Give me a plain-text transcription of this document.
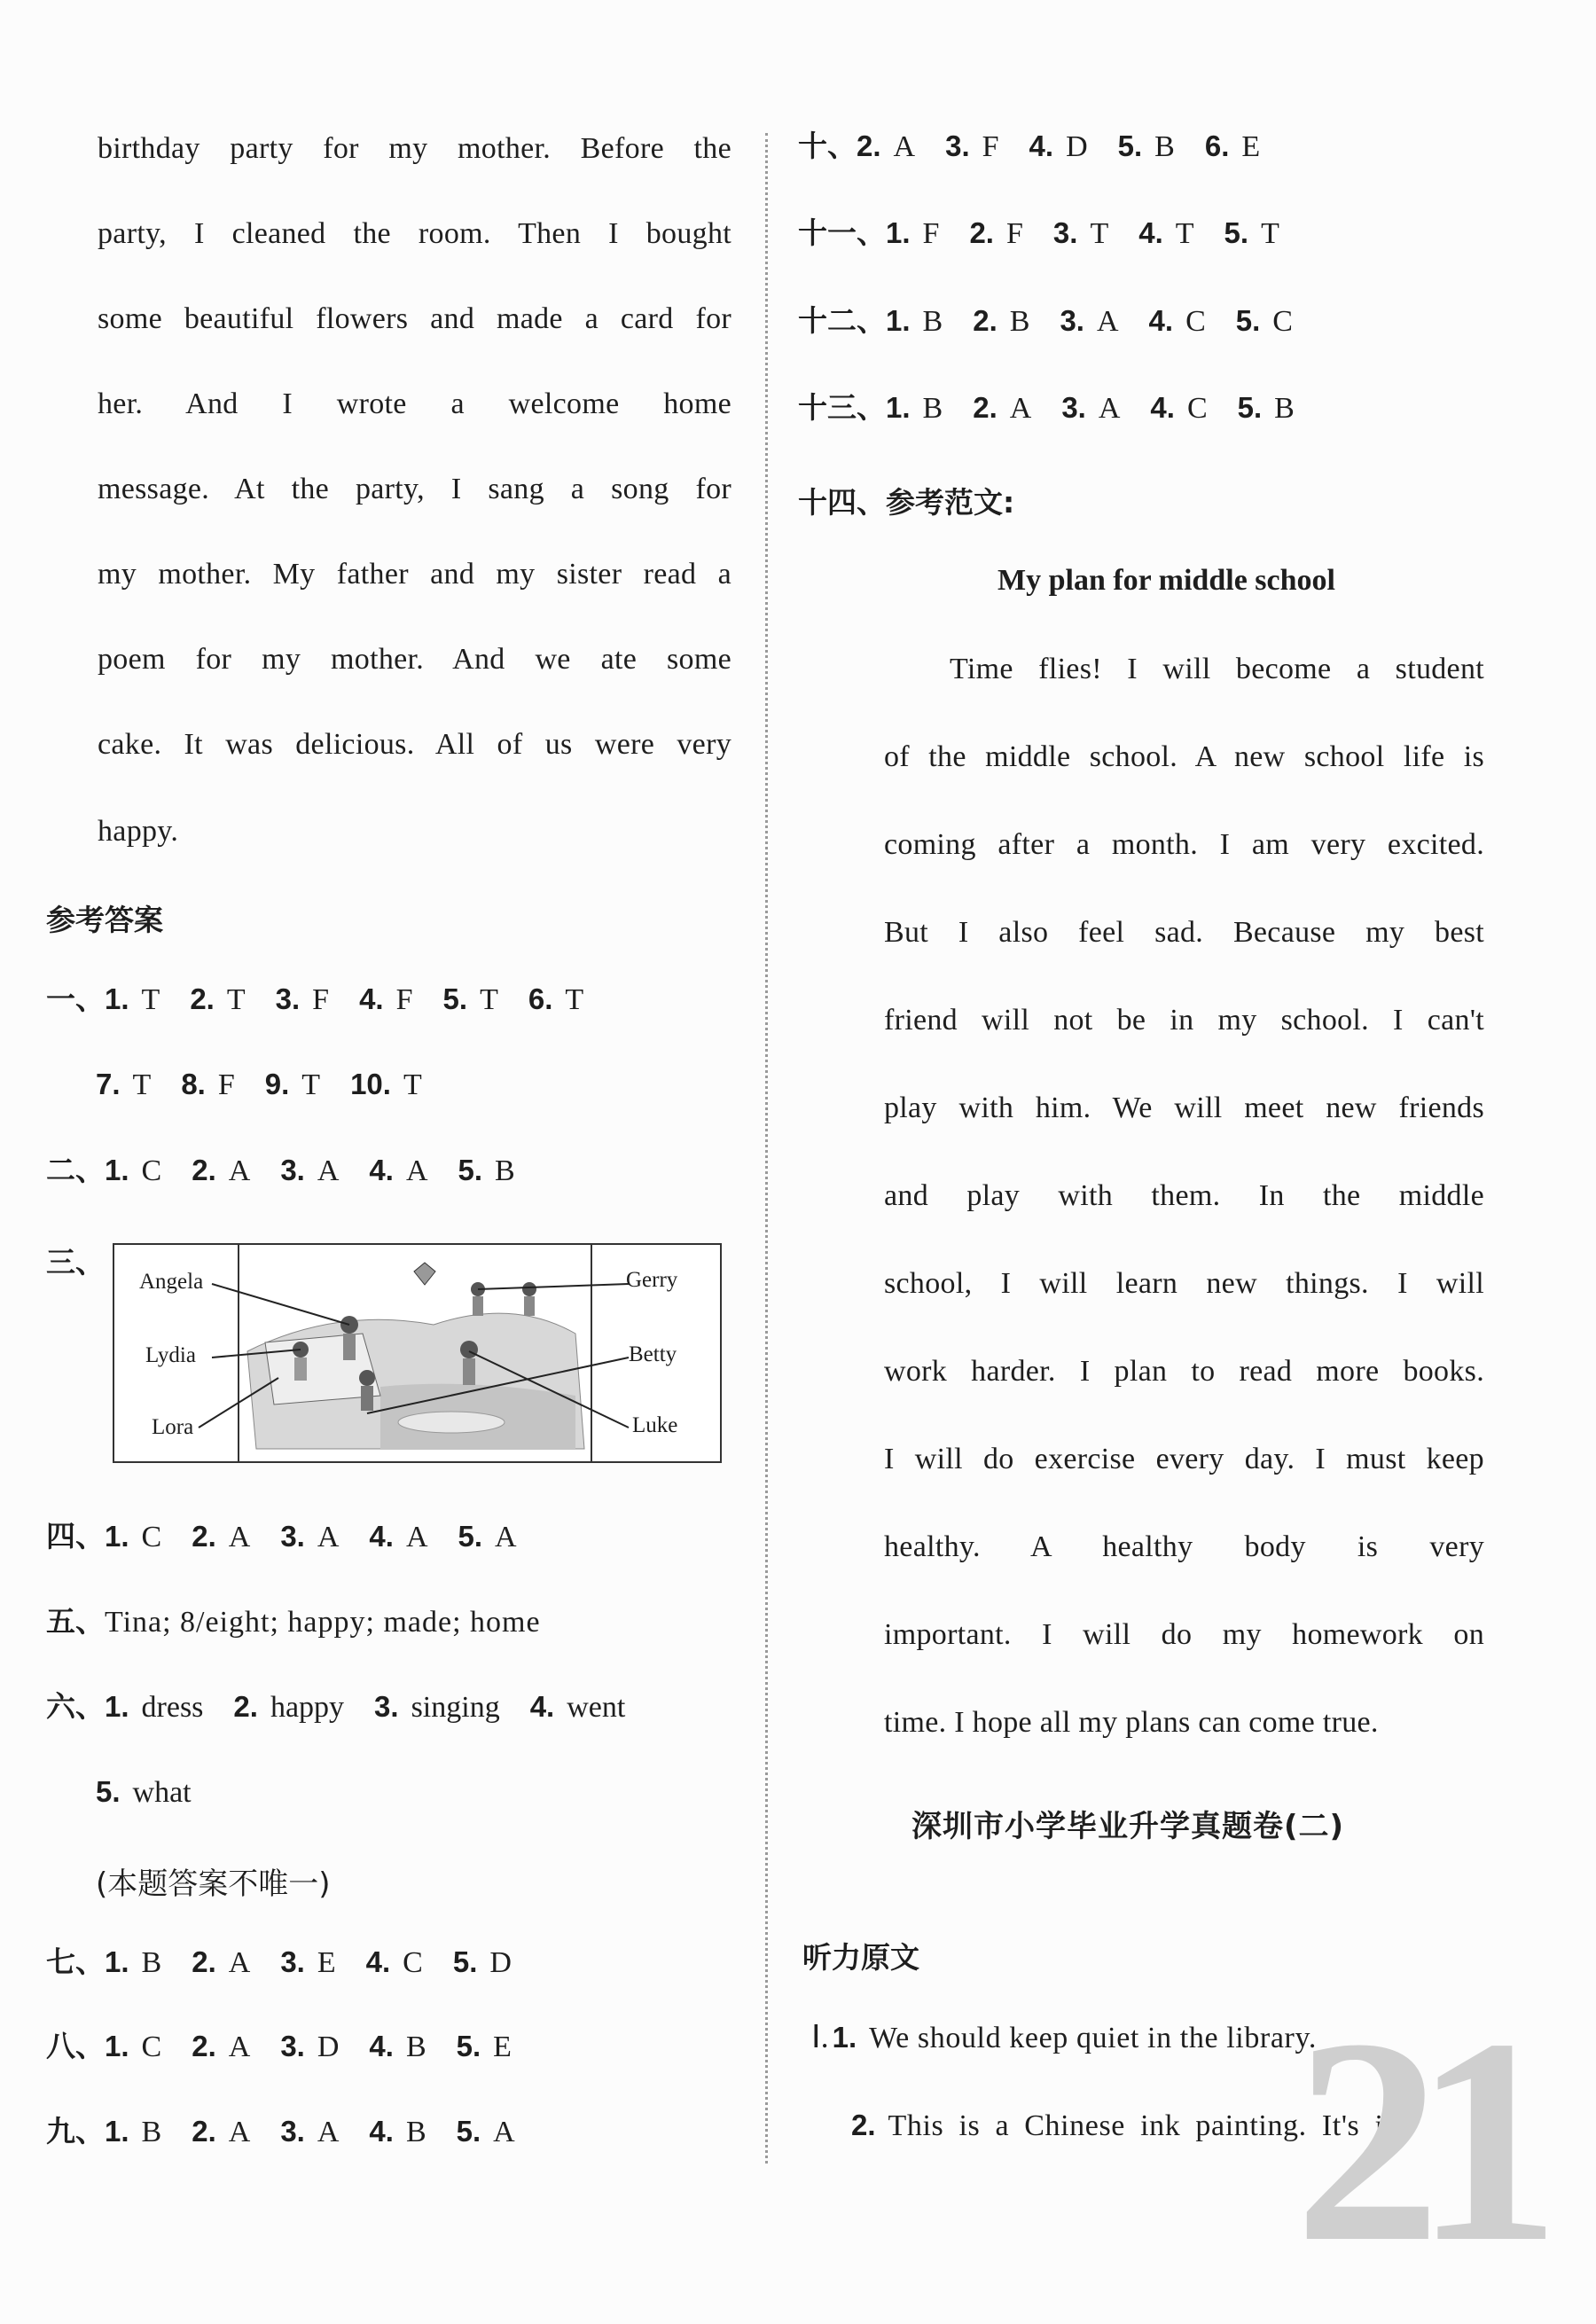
birthday party for my mother. Before the
party, I cleaned the room. Then I bought
some beautiful flowers and made a card for
her. And I wrote a welcome home
message. At the party, I sang a song for
my mother. My father and my sister read a
poem for my mother. And we ate some
cake. It was delicious. All of us were very
happy.
参考答案
一、1. T 2. T 3. F 4. F 5. T 6. T
7. T 8. F 9. T 10. T
二、1. C 2. A 3. A 4. A 5. B
四、1. C 2. A 3. A 4. A 5. A
六、1. dress 2. happy 3. singing 4. went
5. what
七、1. B 2. A 3. E 4. C 5. D
八、1. C 2. A 3. D 4. B 5. E
九、1. B 2. A 3. A 4. B 5. A
三、
Angela
Lydia
Lora
Gerry
Betty
Luke
五、Tina; 8/eight; happy; made; home
(本题答案不唯一)
十、2. A 3. F 4. D 5. B 6. E
十一、1. F 2. F 3. T 4. T 5. T
十二、1. B 2. B 3. A 4. C 5. C
十三、1. B 2. A 3. A 4. C 5. B
十四、参考范文:
My plan for middle school
Time flies! I will become a student
of the middle school. A new school life is
coming after a month. I am very excited.
But I also feel sad. Because my best
friend will not be in my school. I can't
play with him. We will meet new friends
and play with them. In the middle
school, I will learn new things. I will
work harder. I plan to read more books.
I will do exercise every day. I must keep
healthy. A healthy body is very
important. I will do my homework on
time. I hope all my plans can come true.
深圳市小学毕业升学真题卷(二)
听力原文
Ⅰ. 1. We should keep quiet in the library.
2. This is a Chinese ink painting. It's in
21
